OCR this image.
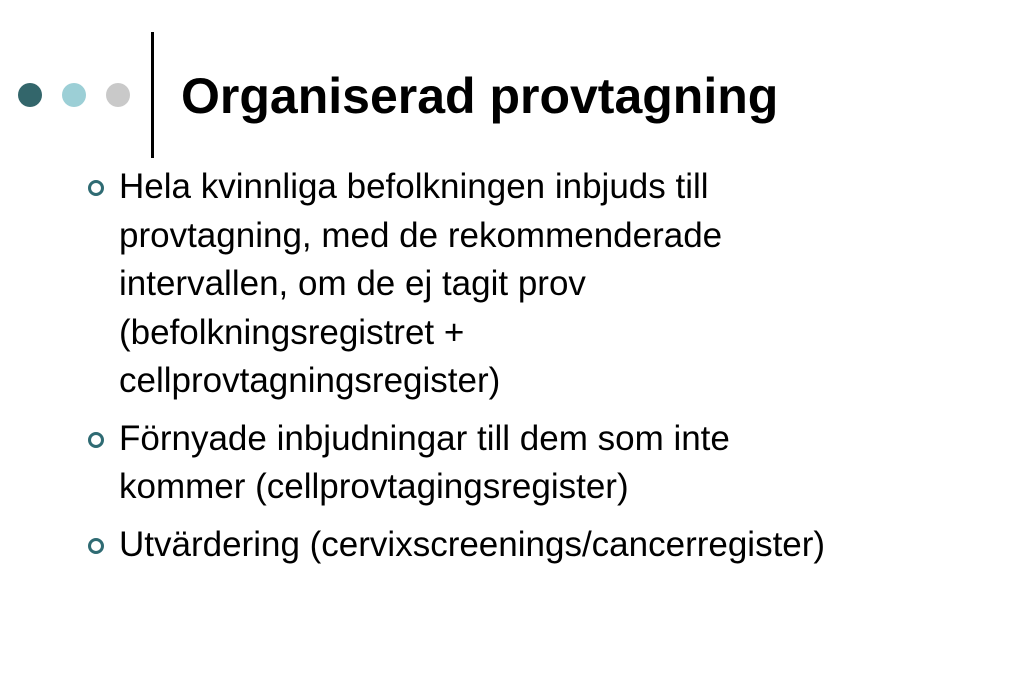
Organiserad provtagning
Hela kvinnliga befolkningen inbjuds till
provtagning, med de rekommenderade
intervallen, om de ej tagit prov
(befolkningsregistret +
cellprovtagningsregister)
Förnyade inbjudningar till dem som inte
kommer (cellprovtagingsregister)
Utvärdering (cervixscreenings/cancerregister)
